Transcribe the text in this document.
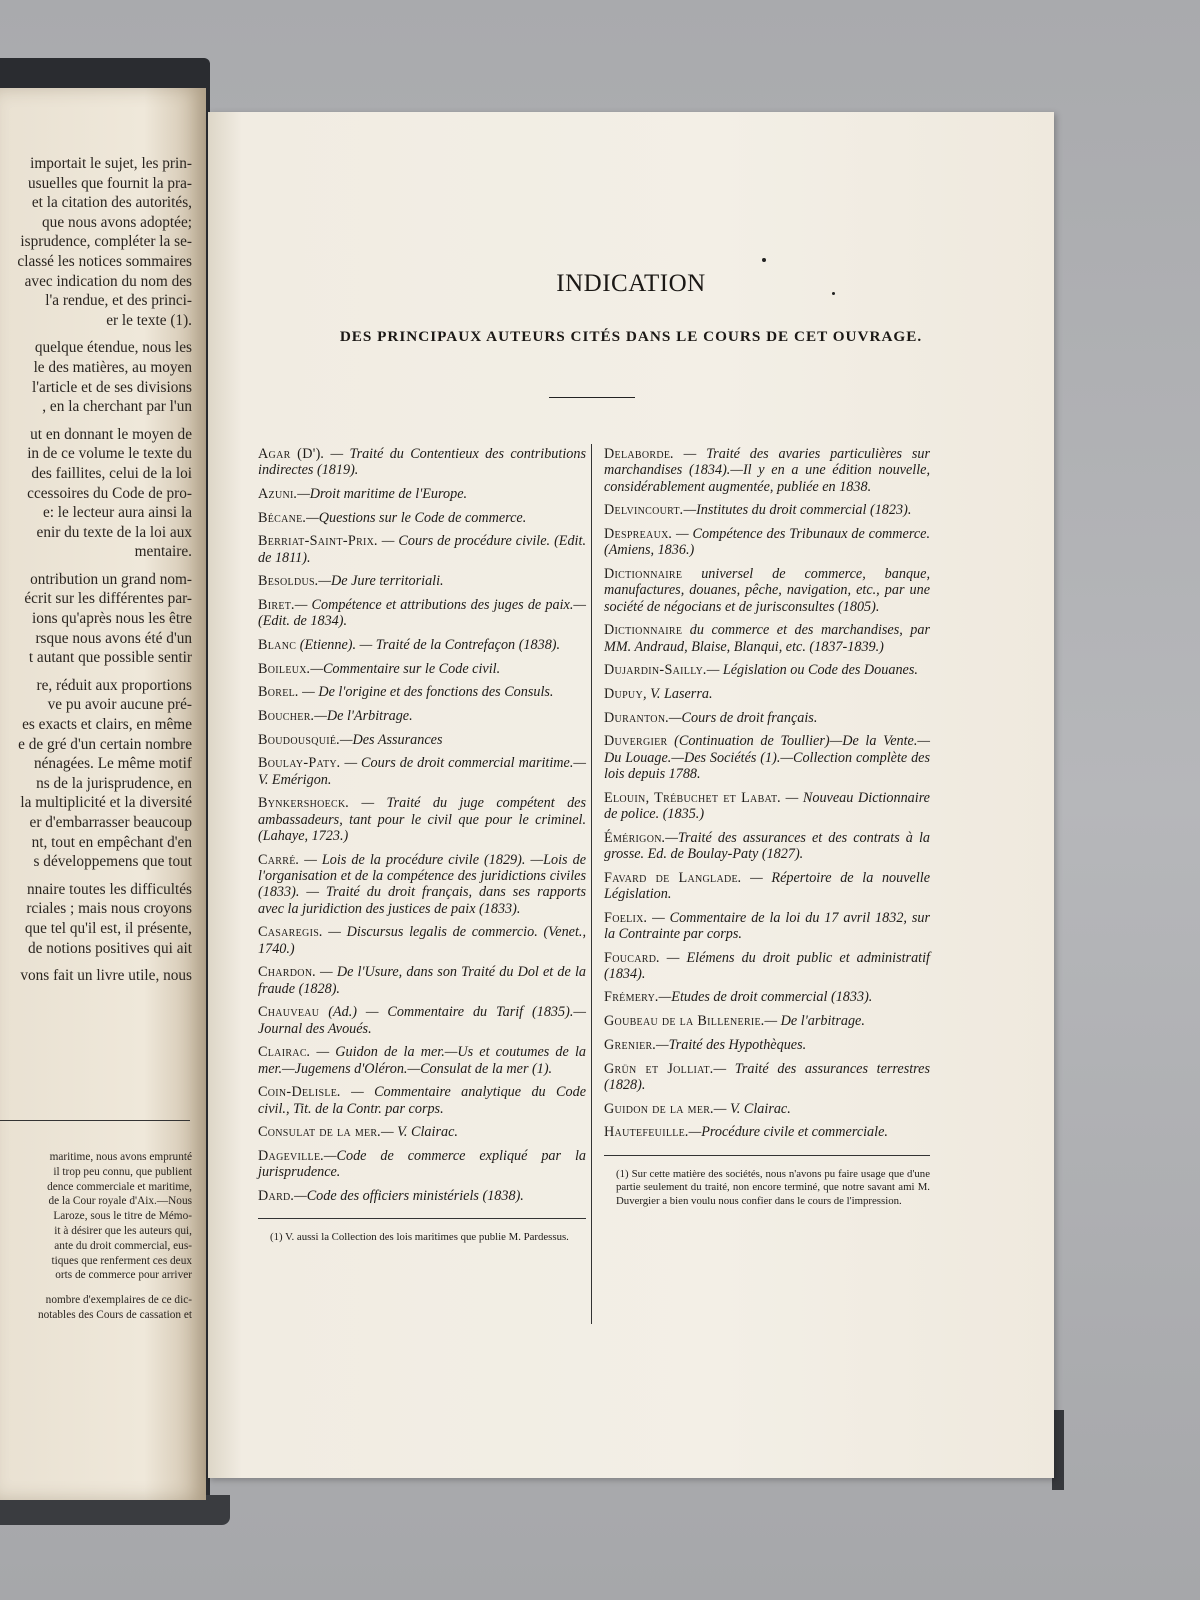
importait le sujet, les prin-
usuelles que fournit la pra-
et la citation des autorités,
que nous avons adoptée;
isprudence, compléter la se-
classé les notices sommaires
avec indication du nom des
l'a rendue, et des princi-
er le texte (1).
quelque étendue, nous les
le des matières, au moyen
l'article et de ses divisions
, en la cherchant par l'un
ut en donnant le moyen de
in de ce volume le texte du
des faillites, celui de la loi
ccessoires du Code de pro-
e: le lecteur aura ainsi la
enir du texte de la loi aux
mentaire.
ontribution un grand nom-
écrit sur les différentes par-
ions qu'après nous les être
rsque nous avons été d'un
t autant que possible sentir
re, réduit aux proportions
ve pu avoir aucune pré-
es exacts et clairs, en même
e de gré d'un certain nombre
nénagées. Le même motif
ns de la jurisprudence, en
la multiplicité et la diversité
er d'embarrasser beaucoup
nt, tout en empêchant d'en
s développemens que tout
nnaire toutes les difficultés
rciales ; mais nous croyons
que tel qu'il est, il présente,
de notions positives qui ait
vons fait un livre utile, nous
maritime, nous avons emprunté
il trop peu connu, que publient
dence commerciale et maritime,
de la Cour royale d'Aix.—Nous
Laroze, sous le titre de Mémo-
it à désirer que les auteurs qui,
ante du droit commercial, eus-
tiques que renferment ces deux
orts de commerce pour arriver
nombre d'exemplaires de ce dic-
notables des Cours de cassation et
INDICATION
DES PRINCIPAUX AUTEURS CITÉS DANS LE COURS DE CET OUVRAGE.
Agar (D'). — Traité du Contentieux des contributions indirectes (1819).
Azuni.—Droit maritime de l'Europe.
Bécane.—Questions sur le Code de commerce.
Berriat-Saint-Prix. — Cours de procédure civile. (Edit. de 1811).
Besoldus.—De Jure territoriali.
Biret.— Compétence et attributions des juges de paix.— (Edit. de 1834).
Blanc (Etienne). — Traité de la Contrefaçon (1838).
Boileux.—Commentaire sur le Code civil.
Borel. — De l'origine et des fonctions des Consuls.
Boucher.—De l'Arbitrage.
Boudousquié.—Des Assurances
Boulay-Paty. — Cours de droit commercial maritime.— V. Emérigon.
Bynkershoeck. — Traité du juge compétent des ambassadeurs, tant pour le civil que pour le criminel. (Lahaye, 1723.)
Carré. — Lois de la procédure civile (1829). —Lois de l'organisation et de la compétence des juridictions civiles (1833). — Traité du droit français, dans ses rapports avec la juridiction des justices de paix (1833).
Casaregis. — Discursus legalis de commercio. (Venet., 1740.)
Chardon. — De l'Usure, dans son Traité du Dol et de la fraude (1828).
Chauveau (Ad.) — Commentaire du Tarif (1835).—Journal des Avoués.
Clairac. — Guidon de la mer.—Us et coutumes de la mer.—Jugemens d'Oléron.—Consulat de la mer (1).
Coin-Delisle. — Commentaire analytique du Code civil., Tit. de la Contr. par corps.
Consulat de la mer.— V. Clairac.
Dageville.—Code de commerce expliqué par la jurisprudence.
Dard.—Code des officiers ministériels (1838).
(1) V. aussi la Collection des lois maritimes que publie M. Pardessus.
Delaborde. — Traité des avaries particulières sur marchandises (1834).—Il y en a une édition nouvelle, considérablement augmentée, publiée en 1838.
Delvincourt.—Institutes du droit commercial (1823).
Despreaux. — Compétence des Tribunaux de commerce. (Amiens, 1836.)
Dictionnaire universel de commerce, banque, manufactures, douanes, pêche, navigation, etc., par une société de négocians et de jurisconsultes (1805).
Dictionnaire du commerce et des marchandises, par MM. Andraud, Blaise, Blanqui, etc. (1837-1839.)
Dujardin-Sailly.— Législation ou Code des Douanes.
Dupuy, V. Laserra.
Duranton.—Cours de droit français.
Duvergier (Continuation de Toullier)—De la Vente.—Du Louage.—Des Sociétés (1).—Collection complète des lois depuis 1788.
Elouin, Trébuchet et Labat. — Nouveau Dictionnaire de police. (1835.)
Émérigon.—Traité des assurances et des contrats à la grosse. Ed. de Boulay-Paty (1827).
Favard de Langlade. — Répertoire de la nouvelle Législation.
Foelix. — Commentaire de la loi du 17 avril 1832, sur la Contrainte par corps.
Foucard. — Elémens du droit public et administratif (1834).
Frémery.—Etudes de droit commercial (1833).
Goubeau de la Billenerie.— De l'arbitrage.
Grenier.—Traité des Hypothèques.
Grün et Jolliat.— Traité des assurances terrestres (1828).
Guidon de la mer.— V. Clairac.
Hautefeuille.—Procédure civile et commerciale.
(1) Sur cette matière des sociétés, nous n'avons pu faire usage que d'une partie seulement du traité, non encore terminé, que notre savant ami M. Duvergier a bien voulu nous confier dans le cours de l'impression.
